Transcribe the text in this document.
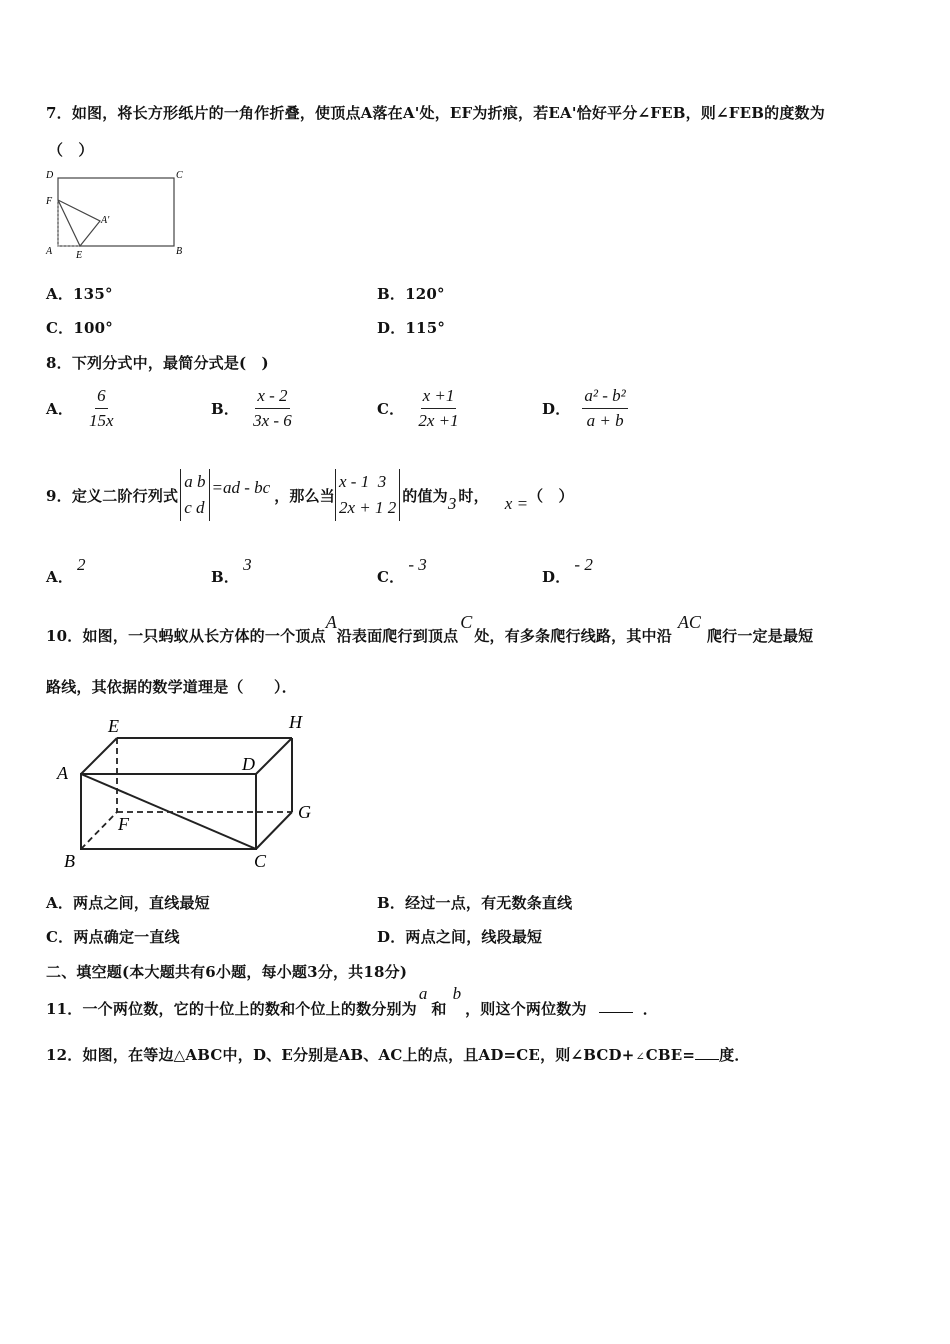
7．如图，将长方形纸片的一角作折叠，使顶点A落在A'处，EF为折痕，若EA'恰好平分∠FEB，则∠FEB的度数为
（　）
D	C
F
A'
A E	B
A．135°	B．120°
C．100°	D．115°
8．下列分式中，最简分式是(　)
A． $\frac{6}{15x}$	B． $\frac{x - 2}{3x - 6}$	C． $\frac{x +1}{2x +1}$	D． $\frac{\text{a² - b²}}{a + b}$
9．定义二阶行列式
a b
c d
=ad - bc ，那么当
x - 1  3
2x + 1 2
的值为 3 时， x = （　）
A．2
B．3
C．- 3
D．- 2
10．如图，一只蚂蚁从长方体的一个顶点
A
沿表面爬行到顶点
C
处，有多条爬行线路，其中沿
AC
爬行一定是最短
路线，其依据的数学道理是（　　）．
E	H
A	D
F
G
B	C
A．两点之间，直线最短	B．经过一点，有无数条直线
C．两点确定一直线	D．两点之间，线段最短
二、填空题(本大题共有6小题，每小题3分，共18分)
11．一个两位数，它的十位上的数和个位上的数分别为
a
和
b
，则这个两位数为	．
12．如图，在等边△ABC中，D、E分别是AB、AC上的点，且AD=CE，则∠BCD+ ∠ CBE= 度．
